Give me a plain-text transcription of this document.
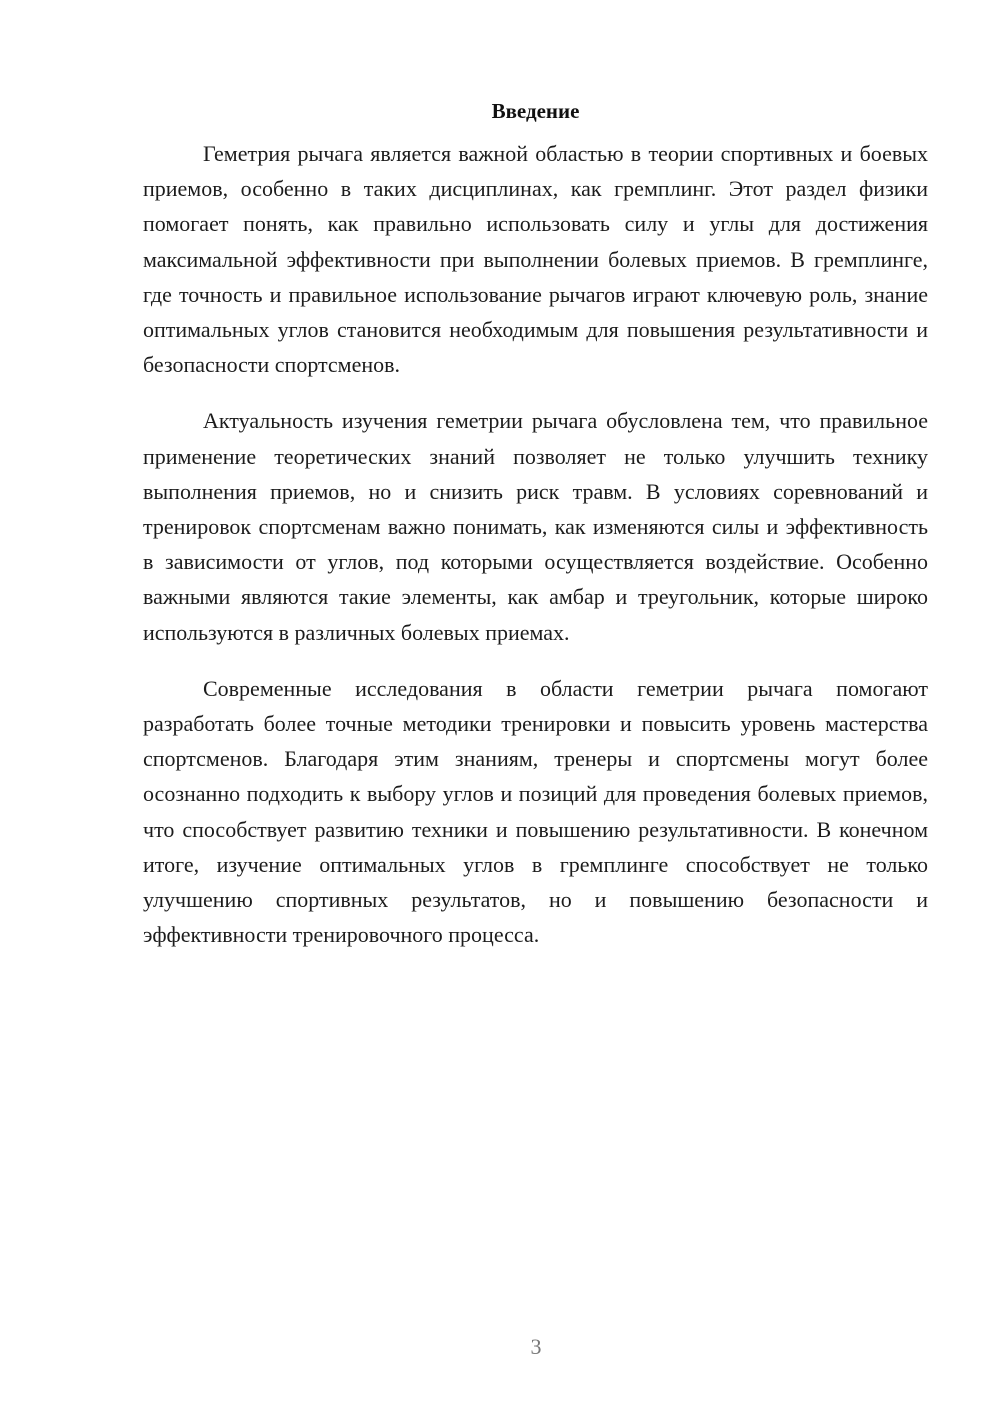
Введение

Геметрия рычага является важной областью в теории спортивных и боевых приемов, особенно в таких дисциплинах, как гремплинг. Этот раздел физики помогает понять, как правильно использовать силу и углы для достижения максимальной эффективности при выполнении болевых приемов. В гремплинге, где точность и правильное использование рычагов играют ключевую роль, знание оптимальных углов становится необходимым для повышения результативности и безопасности спортсменов.

Актуальность изучения геметрии рычага обусловлена тем, что правильное применение теоретических знаний позволяет не только улучшить технику выполнения приемов, но и снизить риск травм. В условиях соревнований и тренировок спортсменам важно понимать, как изменяются силы и эффективность в зависимости от углов, под которыми осуществляется воздействие. Особенно важными являются такие элементы, как амбар и треугольник, которые широко используются в различных болевых приемах.

Современные исследования в области геметрии рычага помогают разработать более точные методики тренировки и повысить уровень мастерства спортсменов. Благодаря этим знаниям, тренеры и спортсмены могут более осознанно подходить к выбору углов и позиций для проведения болевых приемов, что способствует развитию техники и повышению результативности. В конечном итоге, изучение оптимальных углов в гремплинге способствует не только улучшению спортивных результатов, но и повышению безопасности и эффективности тренировочного процесса.

3
